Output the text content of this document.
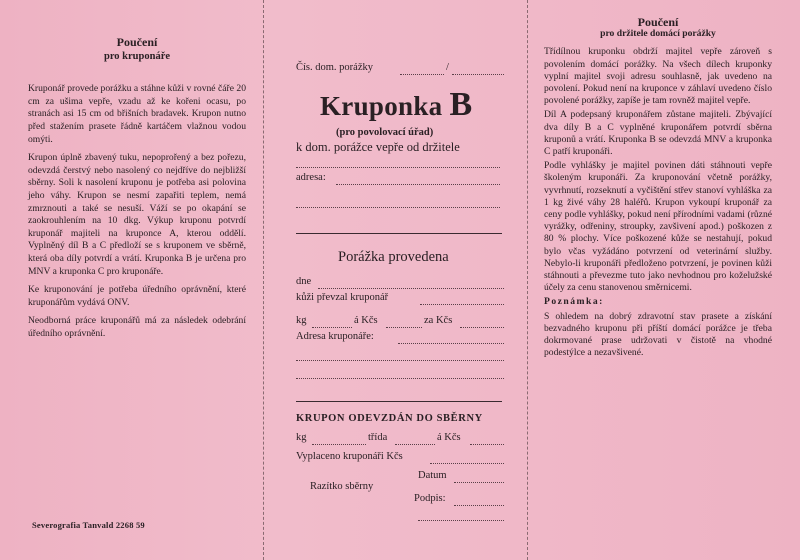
Poučení
pro kruponáře

Kruponář provede porážku a stáhne kůži v rovné čáře 20 cm za ušima vepře, vzadu až ke kořeni ocasu, po stranách asi 15 cm od břišních bradavek. Krupon nutno před stažením prasete řádně kartáčem vlažnou vodou omýti.

Krupon úplně zbavený tuku, nepoprořený a bez pořezu, odevzdá čerstvý nebo nasolený co nejdříve do nejbližší sběrny. Soli k nasolení kruponu je potřeba asi polovina jeho váhy. Krupon se nesmí zapařiti teplem, nemá zmrznouti a také se nesuší. Váží se po okapání se zaokrouhlením na 10 dkg. Výkup kruponu potvrdí kruponář majiteli na kruponce A, kterou oddělí. Vyplněný díl B a C předloží se s kruponem ve sběrně, která oba díly potvrdí a vrátí. Kruponka B je určena pro MNV a kruponka C pro kruponáře.

Ke kruponování je potřeba úředního oprávnění, které kruponářům vydává ONV.

Neodborná práce kruponářů má za následek odebrání úředního oprávnění.

Severografia Tanvald 2268 59
Čís. dom. porážky	/
Kruponka B
(pro povolovací úřad)
k dom. porážce vepře od držitele
adresa:
Porážka provedena
dne
kůži převzal kruponář
kg	á Kčs	za Kčs
Adresa kruponáře:
KRUPON ODEVZDÁN DO SBĚRNY
kg	třída	á Kčs
Vyplaceno kruponáři Kčs
Datum
Razítko sběrny
Podpis:
Poučení
pro držitele domácí porážky

Třídílnou kruponku obdrží majitel vepře zároveň s povolením domácí porážky. Na všech dílech kruponky vyplní majitel svoji adresu souhlasně, jak uvedeno na povolení. Pokud není na kruponce v záhlaví uvedeno číslo povolené porážky, zapíše je tam rovněž majitel vepře.

Díl A podepsaný kruponářem zůstane majiteli. Zbývající dva díly B a C vyplněné kruponářem potvrdí sběrna kruponů a vrátí. Kruponka B se odevzdá MNV a kruponka C patří kruponáři.

Podle vyhlášky je majitel povinen dáti stáhnouti vepře školeným kruponáři. Za kruponování včetně porážky, vyvrhnutí, rozseknutí a vyčištění střev stanoví vyhláška za 1 kg živé váhy 28 haléřů. Krupon vykoupí kruponář za ceny podle vyhlášky, pokud není přírodními vadami (různé vyrážky, odřeniny, stroupky, zavšivení apod.) poškozen z 80 % plochy. Více poškozené kůže se nestahují, pokud bylo včas vyžádáno potvrzení od veterinární služby. Nebylo-li kruponáři předloženo potvrzení, je povinen kůži stáhnouti a převezme tuto jako nevhodnou pro koželužské účely za cenu stanovenou směrnicemi.

Poznámka:

S ohledem na dobrý zdravotní stav prasete a získání bezvadného kruponu při příští domácí porážce je třeba dokrmované prase udržovati v čistotě na vhodné podestýlce a nezavšivené.
